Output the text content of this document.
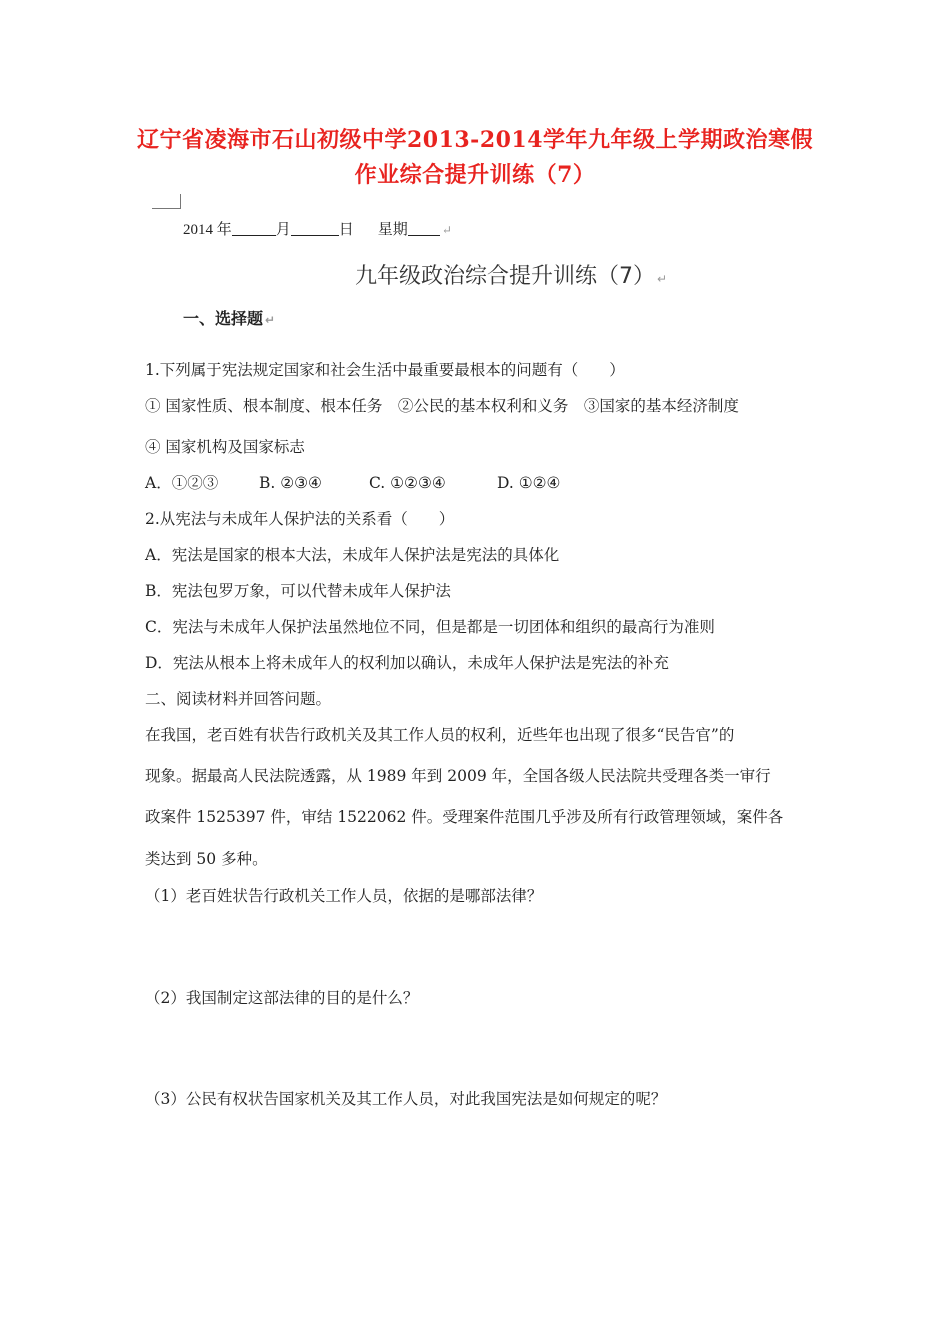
辽宁省凌海市石山初级中学2013-2014学年九年级上学期政治寒假
作业综合提升训练（7）
2014 年	月	日 星期	↵
九年级政治综合提升训练（7） ↵
一、选择题 ↵
1.下列属于宪法规定国家和社会生活中最重要最根本的问题有（　　）
① 国家性质、根本制度、根本任务　②公民的基本权利和义务　③国家的基本经济制度
④ 国家机构及国家标志
A．①②③	B. ②③④	C. ①②③④	D. ①②④
2.从宪法与未成年人保护法的关系看（　　）
A．宪法是国家的根本大法，未成年人保护法是宪法的具体化
B．宪法包罗万象，可以代替未成年人保护法
C．宪法与未成年人保护法虽然地位不同，但是都是一切团体和组织的最高行为准则
D．宪法从根本上将未成年人的权利加以确认，未成年人保护法是宪法的补充
二、阅读材料并回答问题。
在我国，老百姓有状告行政机关及其工作人员的权利，近些年也出现了很多“民告官”的
现象。据最高人民法院透露，从 1989 年到 2009 年，全国各级人民法院共受理各类一审行
政案件 1525397 件，审结 1522062 件。受理案件范围几乎涉及所有行政管理领域，案件各
类达到 50 多种。
（1）老百姓状告行政机关工作人员，依据的是哪部法律？
（2）我国制定这部法律的目的是什么？
（3）公民有权状告国家机关及其工作人员，对此我国宪法是如何规定的呢？
